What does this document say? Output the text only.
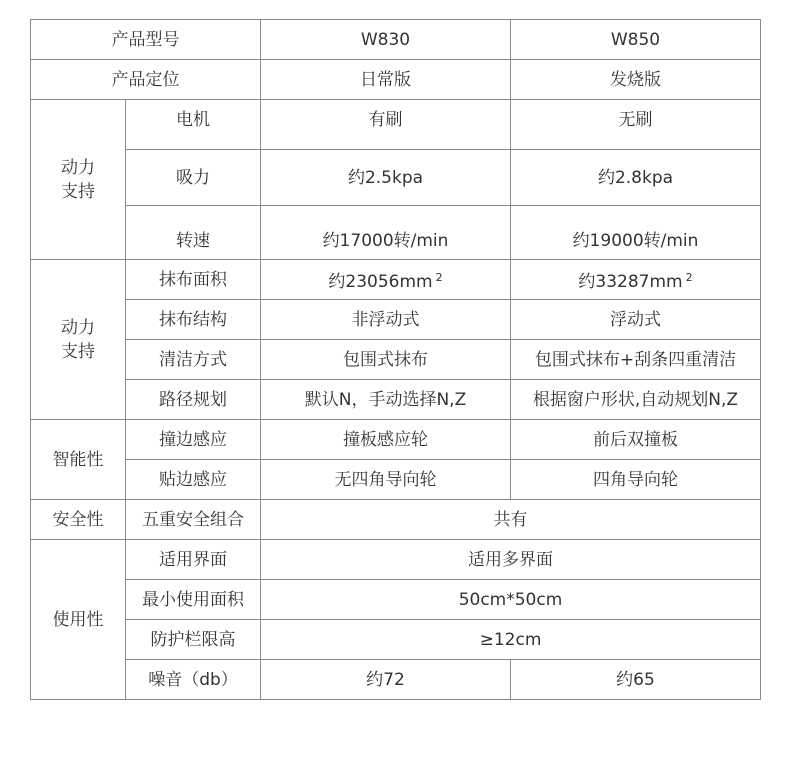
产品型号		W830	W850
产品定位		日常版	发烧版

动力支持	电机	有刷	无刷
	吸力	约2.5kpa	约2.8kpa
	转速	约17000转/min	约19000转/min

动力支持	抹布面积	约23056mm $^2$	约33287mm $^2$
	抹布结构	非浮动式	浮动式
	清洁方式	包围式抹布	包围式抹布+刮条四重清洁
	路径规划	默认N，手动选择N,Z	根据窗户形状,自动规划N,Z
智能性	撞边感应	撞板感应轮	前后双撞板
	贴边感应	无四角导向轮	四角导向轮
安全性	五重安全组合	共有	
使用性	适用界面	适用多界面	
	最小使用面积	50cm*50cm	
	防护栏限高	≥12cm	
	噪音（db）	约72	约65
